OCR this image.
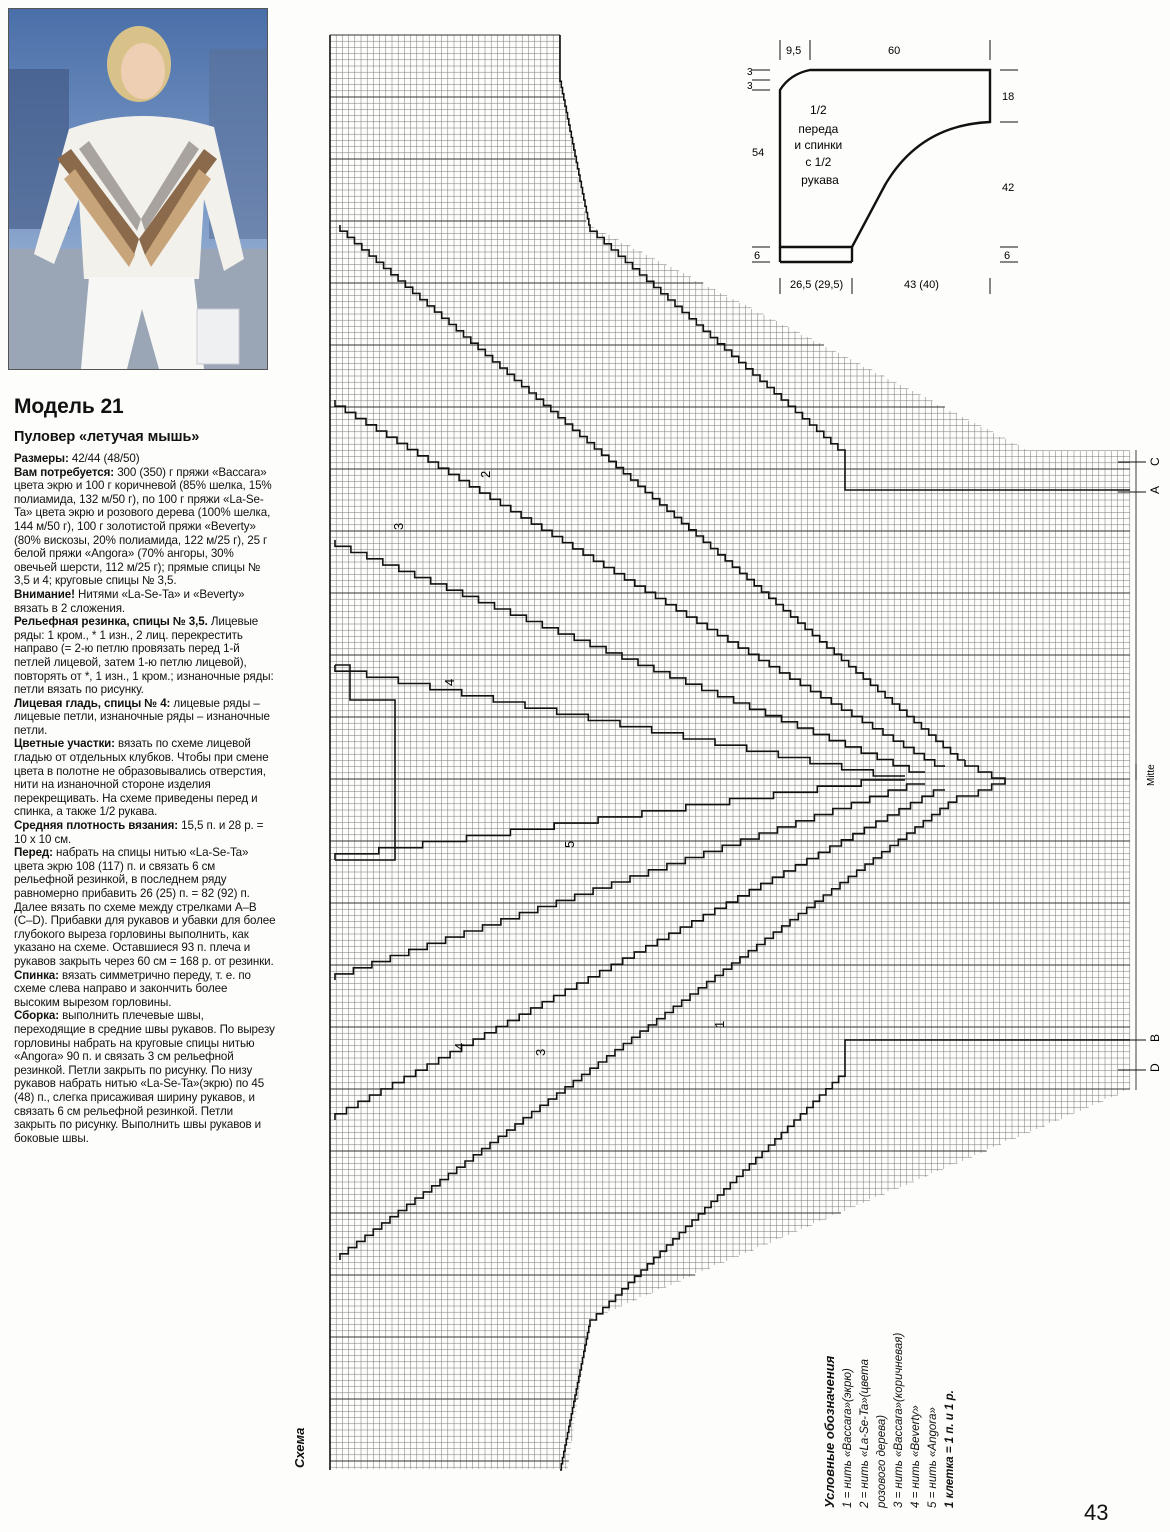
Модель 21
Пуловер «летучая мышь»

Размеры: 42/44 (48/50)

Вам потребуется: 300 (350) г пряжи «Baccara» цвета экрю и 100 г коричневой (85% шелка, 15% полиамида, 132 м/50 г), по 100 г пряжи «La-Se-Ta» цвета экрю и розового дерева (100% шелка, 144 м/50 г), 100 г золотистой пряжи «Beverty» (80% вискозы, 20% полиамида, 122 м/25 г), 25 г белой пряжи «Angora» (70% ангоры, 30% овечьей шерсти, 112 м/25 г); прямые спицы № 3,5 и 4; круговые спицы № 3,5.

Внимание! Нитями «La-Se-Ta» и «Beverty» вязать в 2 сложения.

Рельефная резинка, спицы № 3,5. Лицевые ряды: 1 кром., * 1 изн., 2 лиц. перекрестить направо (= 2-ю петлю провязать перед 1-й петлей лицевой, затем 1-ю петлю лицевой), повторять от *, 1 изн., 1 кром.; изнаночные ряды: петли вязать по рисунку.

Лицевая гладь, спицы № 4: лицевые ряды – лицевые петли, изнаночные ряды – изнаночные петли.

Цветные участки: вязать по схеме лицевой гладью от отдельных клубков. Чтобы при смене цвета в полотне не образовывались отверстия, нити на изнаночной стороне изделия перекрещивать. На схеме приведены перед и спинка, а также 1/2 рукава.

Средняя плотность вязания: 15,5 п. и 28 р. = 10 х 10 см.

Перед: набрать на спицы нитью «La-Se-Ta» цвета экрю 108 (117) п. и связать 6 см рельефной резинкой, в последнем ряду равномерно прибавить 26 (25) п. = 82 (92) п. Далее вязать по схеме между стрелками А–В (С–D). Прибавки для рукавов и убавки для более глубокого выреза горловины выполнить, как указано на схеме. Оставшиеся 93 п. плеча и рукавов закрыть через 60 см = 168 р. от резинки.

Спинка: вязать симметрично переду, т. е. по схеме слева направо и закончить более высоким вырезом горловины.

Сборка: выполнить плечевые швы, переходящие в средние швы рукавов. По вырезу горловины набрать на круговые спицы нитью «Angora» 90 п. и связать 3 см рельефной резинкой. Петли закрыть по рисунку. По низу рукавов набрать нитью «La-Se-Ta»(экрю) по 45 (48) п., слегка присаживая ширину рукавов, и связать 6 см рельефной резинкой. Петли закрыть по рисунку. Выполнить швы рукавов и боковые швы.

2
3
4
5
1
4
3
C
A
Mitte
B
D
9,5	60
3
3
54
6
18
42
6
26,5 (29,5)	43 (40)
1/2 переда и спинки с 1/2 рукава
Схема	Условные обозначения 1 = нить «Baccara»(экрю) 2 = нить «La-Se-Ta»(цвета розового дерева) 3 = нить «Baccara»(коричневая) 4 = нить «Beverty» 5 = нить «Angora» 1 клетка = 1 п. и 1 р.
43
